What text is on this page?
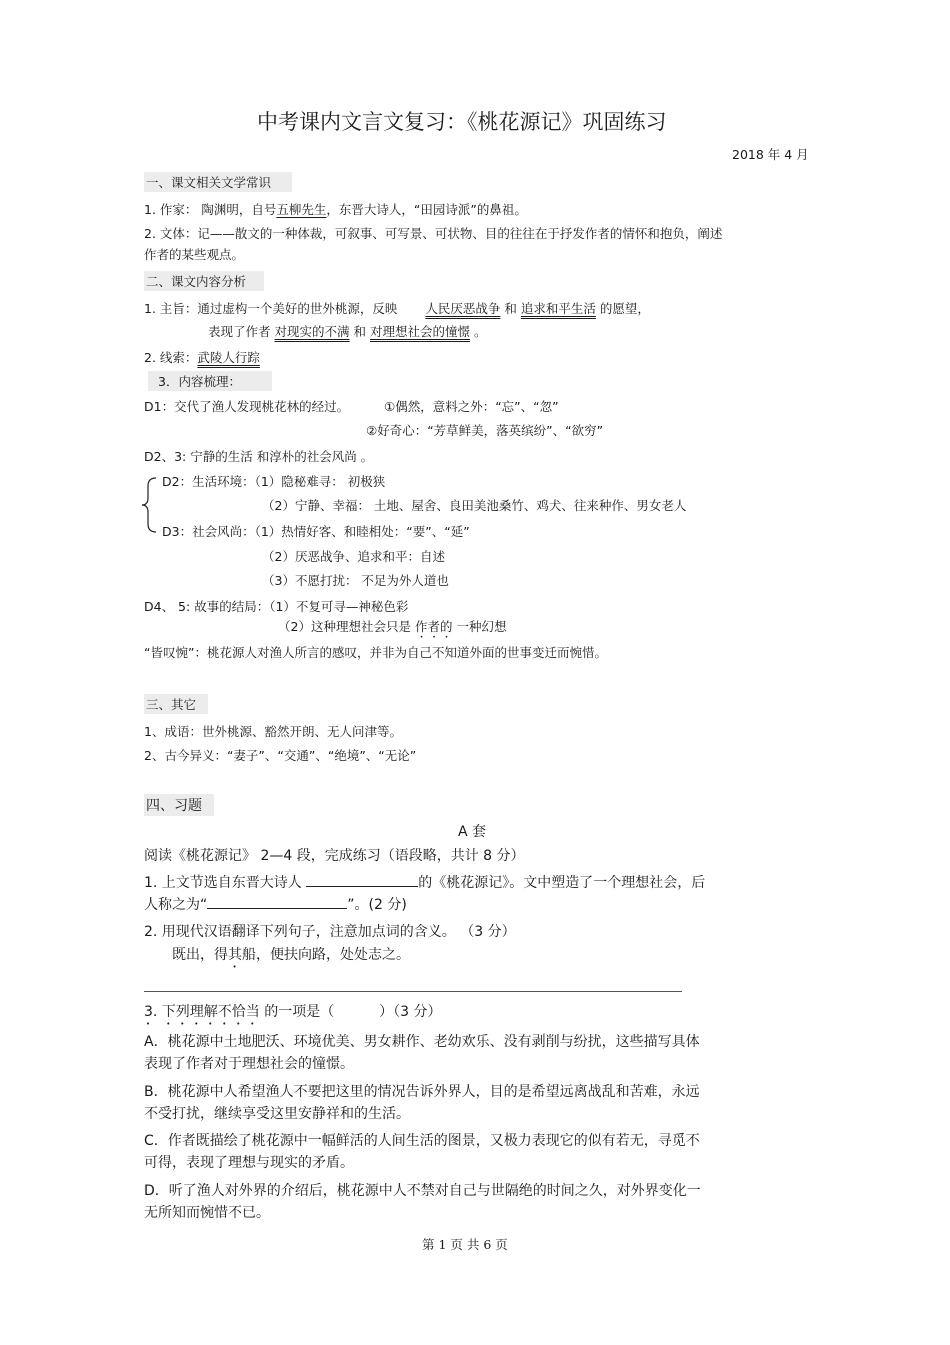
中考课内文言文复习：《桃花源记》巩固练习
2018 年 4 月
一、课文相关文学常识
1. 作家： 陶渊明，自号五柳先生，东晋大诗人，“田园诗派”的鼻祖。
2. 文体：记——散文的一种体裁，可叙事、可写景、可状物、目的往往在于抒发作者的情怀和抱负，阐述
作者的某些观点。
二、课文内容分析
1. 主旨：通过虚构一个美好的世外桃源，反映 人民厌恶战争 和 追求和平生活 的愿望，
表现了作者 对现实的不满 和 对理想社会的憧憬 。
2. 线索：武陵人行踪
3．内容梳理：
D1：交代了渔人发现桃花林的经过。	①偶然，意料之外：“忘”、“忽”
②好奇心：“芳草鲜美，落英缤纷”、“欲穷”
D2、3: 宁静的生活 和淳朴的社会风尚 。
D2：生活环境：（1）隐秘难寻： 初极狭
（2）宁静、幸福： 土地、屋舍、良田美池桑竹、鸡犬、往来种作、男女老人
D3：社会风尚：（1）热情好客、和睦相处：“要”、“延”
（2）厌恶战争、追求和平：自述
（3）不愿打扰： 不足为外人道也
D4、 5: 故事的结局：（1）不复可寻—神秘色彩
（2）这种理想社会只是 作者的 一种幻想
“皆叹惋”：桃花源人对渔人所言的感叹，并非为自己不知道外面的世事变迁而惋惜。
三、其它
1、成语：世外桃源、豁然开朗、无人问津等。
2、古今异义：“妻子”、“交通”、“绝境”、“无论”
四、习题
A 套
阅读《桃花源记》 2—4 段，完成练习（语段略，共计 8 分）
1. 上文节选自东晋大诗人	的《桃花源记》。文中塑造了一个理想社会，后
人称之为“	”。(2 分)
2. 用现代汉语翻译下列句子，注意加点词的含义。 （3 分）
既出，得其船，便扶向路，处处志之。
3. 下列理解不恰当 的一项是（	）（3 分）
A．桃花源中土地肥沃、环境优美、男女耕作、老幼欢乐、没有剥削与纷扰，这些描写具体
表现了作者对于理想社会的憧憬。
B．桃花源中人希望渔人不要把这里的情况告诉外界人，目的是希望远离战乱和苦难，永远
不受打扰，继续享受这里安静祥和的生活。
C．作者既描绘了桃花源中一幅鲜活的人间生活的图景，又极力表现它的似有若无，寻觅不
可得，表现了理想与现实的矛盾。
D．听了渔人对外界的介绍后，桃花源中人不禁对自己与世隔绝的时间之久，对外界变化一
无所知而惋惜不已。
第 1 页 共 6 页
